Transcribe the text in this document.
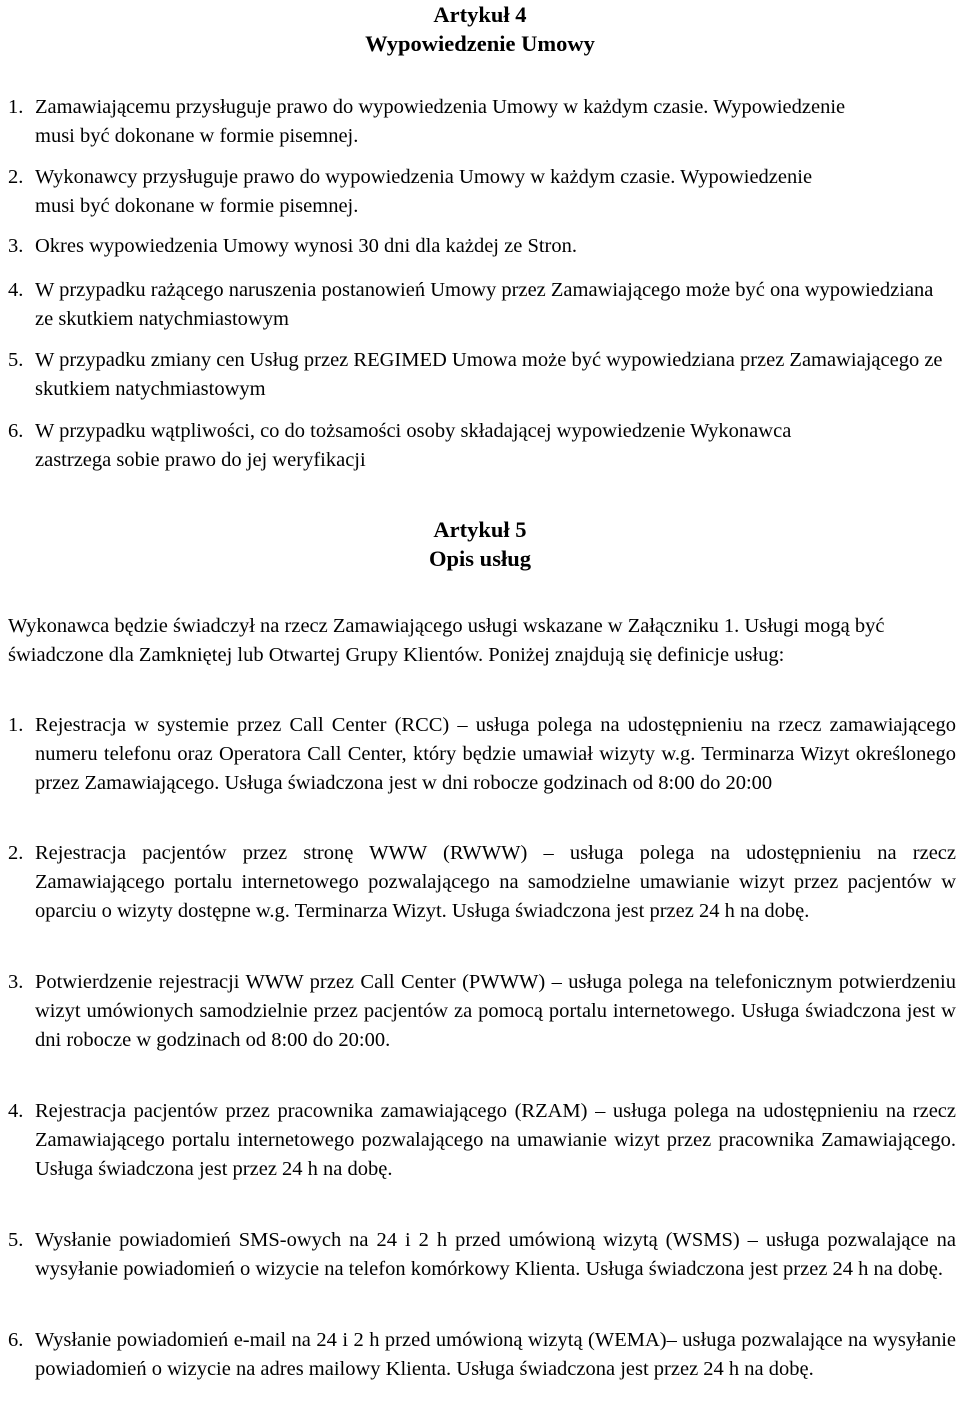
Artykuł 4
Wypowiedzenie Umowy
1. Zamawiającemu przysługuje prawo do wypowiedzenia Umowy w każdym czasie. Wypowiedzenie musi być dokonane w formie pisemnej.
2. Wykonawcy przysługuje prawo do wypowiedzenia Umowy w każdym czasie. Wypowiedzenie musi być dokonane w formie pisemnej.
3. Okres wypowiedzenia Umowy wynosi 30 dni dla każdej ze Stron.
4. W przypadku rażącego naruszenia postanowień Umowy przez Zamawiającego może być ona wypowiedziana ze skutkiem natychmiastowym
5. W przypadku zmiany cen Usług przez REGIMED Umowa może być wypowiedziana przez Zamawiającego ze skutkiem natychmiastowym
6. W przypadku wątpliwości, co do tożsamości osoby składającej wypowiedzenie Wykonawca zastrzega sobie prawo do jej weryfikacji
Artykuł 5
Opis usług
Wykonawca będzie świadczył na rzecz Zamawiającego usługi wskazane w Załączniku 1. Usługi mogą być świadczone dla Zamkniętej lub Otwartej Grupy Klientów. Poniżej znajdują się definicje usług:
1. Rejestracja w systemie przez Call Center (RCC) – usługa polega na udostępnieniu na rzecz zamawiającego numeru telefonu oraz Operatora Call Center, który będzie umawiał wizyty w.g. Terminarza Wizyt określonego przez Zamawiającego. Usługa świadczona jest w dni robocze godzinach od 8:00 do 20:00
2. Rejestracja pacjentów przez stronę WWW (RWWW) – usługa polega na udostępnieniu na rzecz Zamawiającego portalu internetowego pozwalającego na samodzielne umawianie wizyt przez pacjentów w oparciu o wizyty dostępne w.g. Terminarza Wizyt. Usługa świadczona jest przez 24 h na dobę.
3. Potwierdzenie rejestracji WWW przez Call Center (PWWW) – usługa polega na telefonicznym potwierdzeniu wizyt umówionych samodzielnie przez pacjentów za pomocą portalu internetowego. Usługa świadczona jest w dni robocze w godzinach od 8:00 do 20:00.
4. Rejestracja pacjentów przez pracownika zamawiającego (RZAM) – usługa polega na udostępnieniu na rzecz Zamawiającego portalu internetowego pozwalającego na umawianie wizyt przez pracownika Zamawiającego. Usługa świadczona jest przez 24 h na dobę.
5. Wysłanie powiadomień SMS-owych na 24 i 2 h przed umówioną wizytą (WSMS) – usługa pozwalające na wysyłanie powiadomień o wizycie na telefon komórkowy Klienta. Usługa świadczona jest przez 24 h na dobę.
6. Wysłanie powiadomień e-mail na 24 i 2 h przed umówioną wizytą (WEMA)– usługa pozwalające na wysyłanie powiadomień o wizycie na adres mailowy Klienta. Usługa świadczona jest przez 24 h na dobę.
